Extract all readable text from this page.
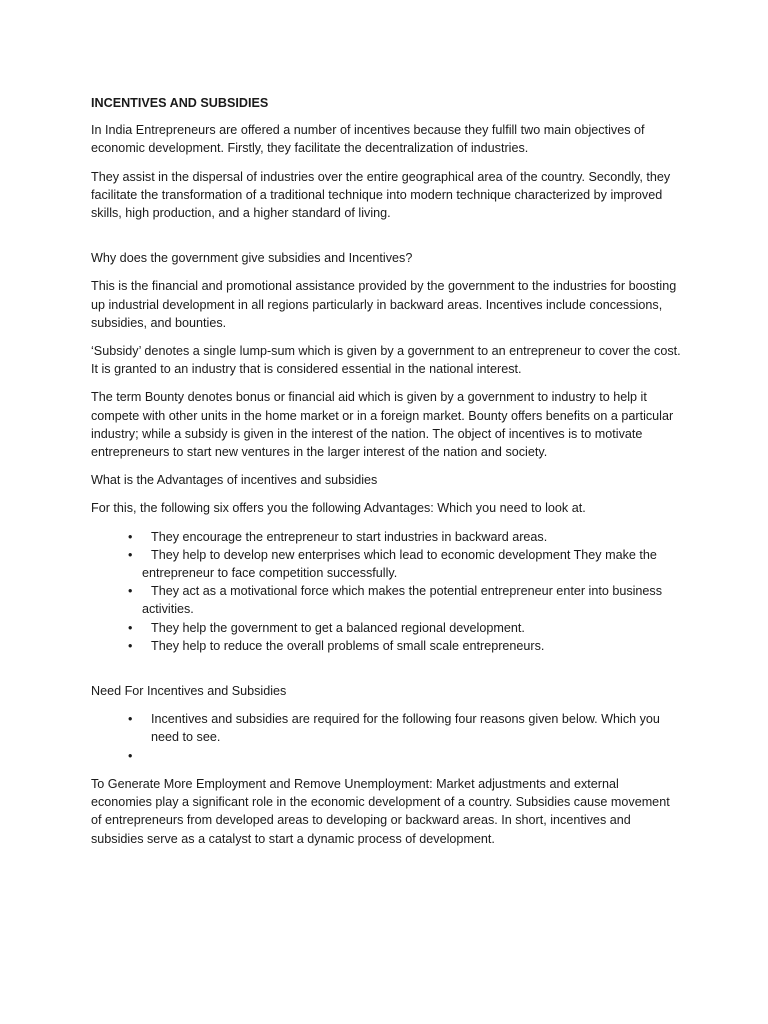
INCENTIVES AND SUBSIDIES

In India Entrepreneurs are offered a number of incentives because they fulfill two main objectives of economic development. Firstly, they facilitate the decentralization of industries.

They assist in the dispersal of industries over the entire geographical area of the country. Secondly, they facilitate the transformation of a traditional technique into modern technique characterized by improved skills, high production, and a higher standard of living.

Why does the government give subsidies and Incentives?

This is the financial and promotional assistance provided by the government to the industries for boosting up industrial development in all regions particularly in backward areas. Incentives include concessions, subsidies, and bounties.

‘Subsidy’ denotes a single lump-sum which is given by a government to an entrepreneur to cover the cost. It is granted to an industry that is considered essential in the national interest.

The term Bounty denotes bonus or financial aid which is given by a government to industry to help it compete with other units in the home market or in a foreign market. Bounty offers benefits on a particular industry; while a subsidy is given in the interest of the nation. The object of incentives is to motivate entrepreneurs to start new ventures in the larger interest of the nation and society.

What is the Advantages of incentives and subsidies

For this, the following six offers you the following Advantages: Which you need to look at.

•	They encourage the entrepreneur to start industries in backward areas.
•	They help to develop new enterprises which lead to economic development They make the entrepreneur to face competition successfully.
•	They act as a motivational force which makes the potential entrepreneur enter into business activities.
•	They help the government to get a balanced regional development.
•	They help to reduce the overall problems of small scale entrepreneurs.

Need For Incentives and Subsidies

• Incentives and subsidies are required for the following four reasons given below. Which you need to see.
•

To Generate More Employment and Remove Unemployment: Market adjustments and external economies play a significant role in the economic development of a country. Subsidies cause movement of entrepreneurs from developed areas to developing or backward areas. In short, incentives and subsidies serve as a catalyst to start a dynamic process of development.
